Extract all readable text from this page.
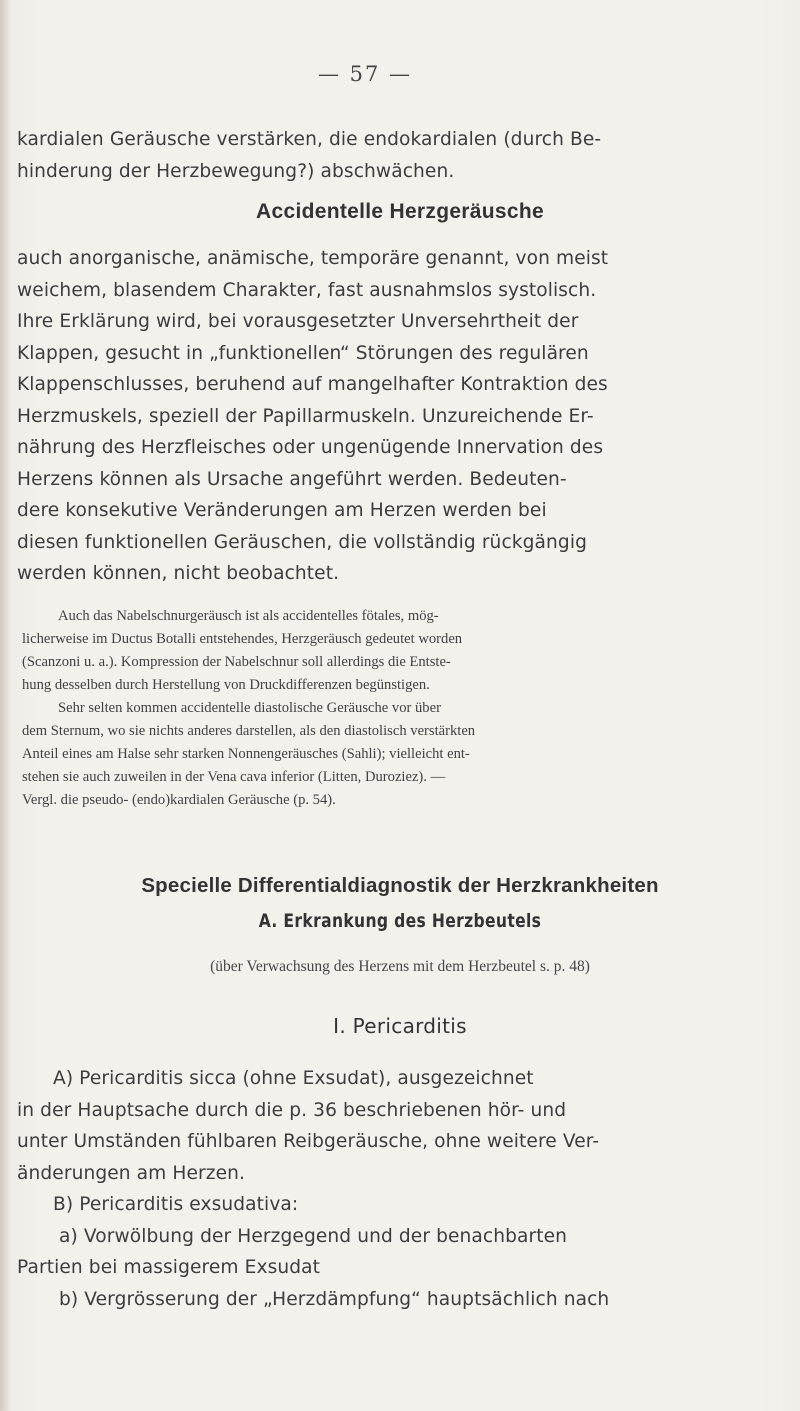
— 57 —
kardialen Geräusche verstärken, die endokardialen (durch Be-
hinderung der Herzbewegung?) abschwächen.
Accidentelle Herzgeräusche
auch anorganische, anämische, temporäre genannt, von meist
weichem, blasendem Charakter, fast ausnahmslos systolisch.
Ihre Erklärung wird, bei vorausgesetzter Unversehrtheit der
Klappen, gesucht in „funktionellen“ Störungen des regulären
Klappenschlusses, beruhend auf mangelhafter Kontraktion des
Herzmuskels, speziell der Papillarmuskeln. Unzureichende Er-
nährung des Herzfleisches oder ungenügende Innervation des
Herzens können als Ursache angeführt werden. Bedeuten-
dere konsekutive Veränderungen am Herzen werden bei
diesen funktionellen Geräuschen, die vollständig rückgängig
werden können, nicht beobachtet.
Auch das Nabelschnurgeräusch ist als accidentelles fötales, mög-
licherweise im Ductus Botalli entstehendes, Herzgeräusch gedeutet worden
(Scanzoni u. a.). Kompression der Nabelschnur soll allerdings die Entste-
hung desselben durch Herstellung von Druckdifferenzen begünstigen.
Sehr selten kommen accidentelle diastolische Geräusche vor über
dem Sternum, wo sie nichts anderes darstellen, als den diastolisch verstärkten
Anteil eines am Halse sehr starken Nonnengeräusches (Sahli); vielleicht ent-
stehen sie auch zuweilen in der Vena cava inferior (Litten, Duroziez). —
Vergl. die pseudo- (endo)kardialen Geräusche (p. 54).
Specielle Differentialdiagnostik der Herzkrankheiten
A. Erkrankung des Herzbeutels
(über Verwachsung des Herzens mit dem Herzbeutel s. p. 48)
I. Pericarditis
A) Pericarditis sicca (ohne Exsudat), ausgezeichnet
in der Hauptsache durch die p. 36 beschriebenen hör- und
unter Umständen fühlbaren Reibgeräusche, ohne weitere Ver-
änderungen am Herzen.
B) Pericarditis exsudativa:
a) Vorwölbung der Herzgegend und der benachbarten
Partien bei massigerem Exsudat
b) Vergrösserung der „Herzdämpfung“ hauptsächlich nach
